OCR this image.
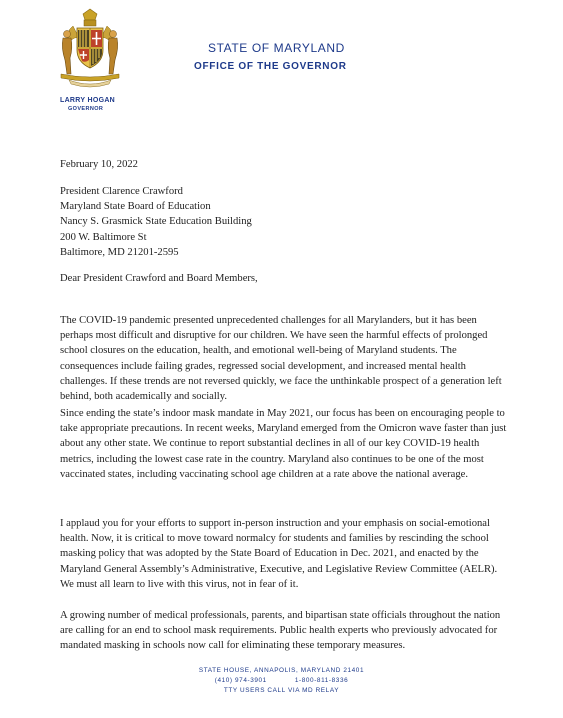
LARRY HOGAN
GOVERNOR
STATE OF MARYLAND
OFFICE OF THE GOVERNOR
February 10, 2022
President Clarence Crawford
Maryland State Board of Education
Nancy S. Grasmick State Education Building
200 W. Baltimore St
Baltimore, MD 21201-2595
Dear President Crawford and Board Members,
The COVID-19 pandemic presented unprecedented challenges for all Marylanders, but it has been perhaps most difficult and disruptive for our children. We have seen the harmful effects of prolonged school closures on the education, health, and emotional well-being of Maryland students. The consequences include failing grades, regressed social development, and increased mental health challenges. If these trends are not reversed quickly, we face the unthinkable prospect of a generation left behind, both academically and socially.
Since ending the state’s indoor mask mandate in May 2021, our focus has been on encouraging people to take appropriate precautions. In recent weeks, Maryland emerged from the Omicron wave faster than just about any other state. We continue to report substantial declines in all of our key COVID-19 health metrics, including the lowest case rate in the country. Maryland also continues to be one of the most vaccinated states, including vaccinating school age children at a rate above the national average.
I applaud you for your efforts to support in-person instruction and your emphasis on social-emotional health. Now, it is critical to move toward normalcy for students and families by rescinding the school masking policy that was adopted by the State Board of Education in Dec. 2021, and enacted by the Maryland General Assembly’s Administrative, Executive, and Legislative Review Committee (AELR). We must all learn to live with this virus, not in fear of it.
A growing number of medical professionals, parents, and bipartisan state officials throughout the nation are calling for an end to school mask requirements. Public health experts who previously advocated for mandated masking in schools now call for eliminating these temporary measures.
STATE HOUSE, ANNAPOLIS, MARYLAND 21401
(410) 974-3901	1-800-811-8336
TTY USERS CALL VIA MD RELAY
